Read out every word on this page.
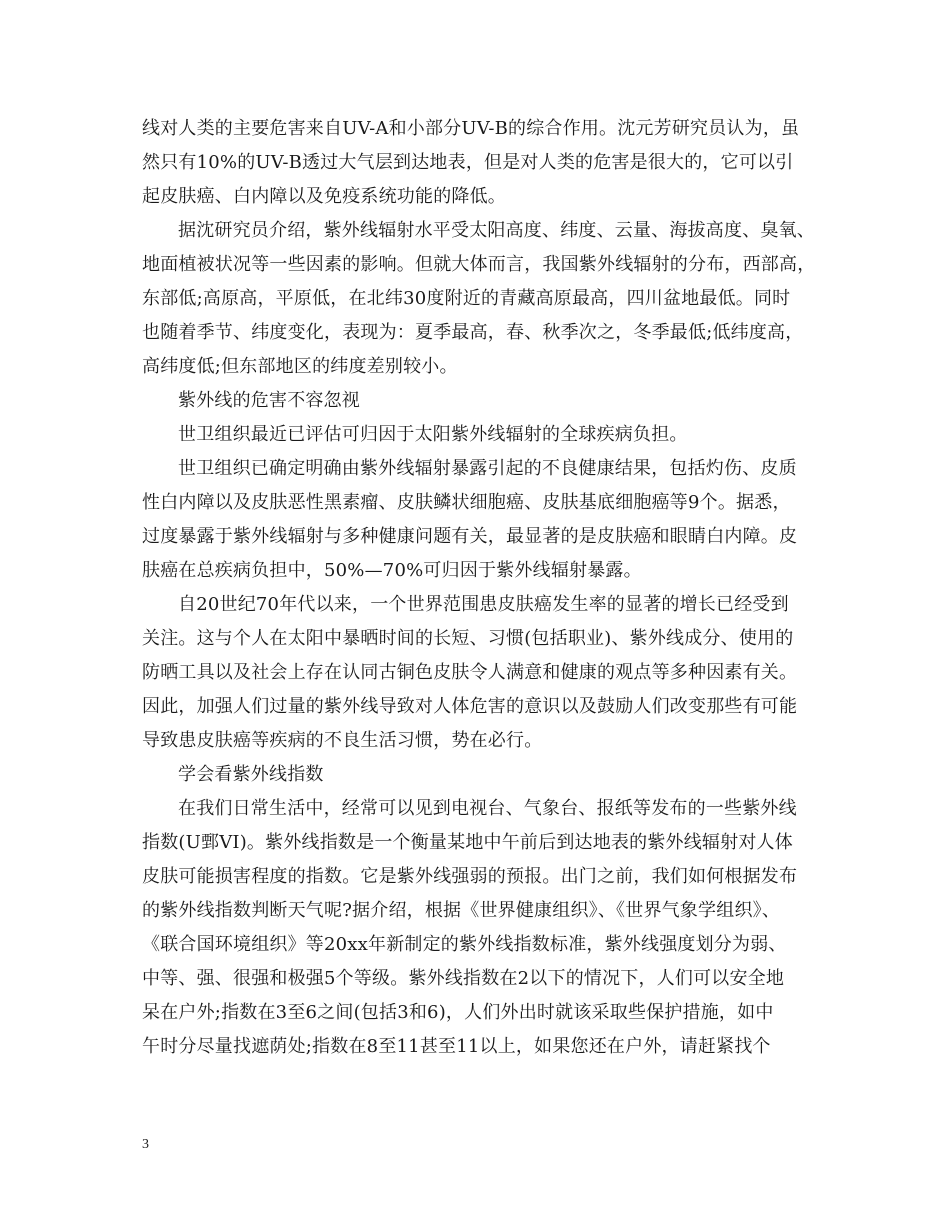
线对人类的主要危害来自UV-A和小部分UV-B的综合作用。沈元芳研究员认为，虽
然只有10%的UV-B透过大气层到达地表，但是对人类的危害是很大的，它可以引
起皮肤癌、白内障以及免疫系统功能的降低。
据沈研究员介绍，紫外线辐射水平受太阳高度、纬度、云量、海拔高度、臭氧、
地面植被状况等一些因素的影响。但就大体而言，我国紫外线辐射的分布，西部高，
东部低;高原高，平原低，在北纬30度附近的青藏高原最高，四川盆地最低。同时
也随着季节、纬度变化，表现为：夏季最高，春、秋季次之，冬季最低;低纬度高，
高纬度低;但东部地区的纬度差别较小。
紫外线的危害不容忽视
世卫组织最近已评估可归因于太阳紫外线辐射的全球疾病负担。
世卫组织已确定明确由紫外线辐射暴露引起的不良健康结果，包括灼伤、皮质
性白内障以及皮肤恶性黑素瘤、皮肤鳞状细胞癌、皮肤基底细胞癌等9个。据悉，
过度暴露于紫外线辐射与多种健康问题有关，最显著的是皮肤癌和眼睛白内障。皮
肤癌在总疾病负担中，50%—70%可归因于紫外线辐射暴露。
自20世纪70年代以来，一个世界范围患皮肤癌发生率的显著的增长已经受到
关注。这与个人在太阳中暴晒时间的长短、习惯(包括职业)、紫外线成分、使用的
防晒工具以及社会上存在认同古铜色皮肤令人满意和健康的观点等多种因素有关。
因此，加强人们过量的紫外线导致对人体危害的意识以及鼓励人们改变那些有可能
导致患皮肤癌等疾病的不良生活习惯，势在必行。
学会看紫外线指数
在我们日常生活中，经常可以见到电视台、气象台、报纸等发布的一些紫外线
指数(U鄄VI)。紫外线指数是一个衡量某地中午前后到达地表的紫外线辐射对人体
皮肤可能损害程度的指数。它是紫外线强弱的预报。出门之前，我们如何根据发布
的紫外线指数判断天气呢?据介绍，根据《世界健康组织》、《世界气象学组织》、
《联合国环境组织》等20xx年新制定的紫外线指数标准，紫外线强度划分为弱、
中等、强、很强和极强5个等级。紫外线指数在2以下的情况下，人们可以安全地
呆在户外;指数在3至6之间(包括3和6)，人们外出时就该采取些保护措施，如中
午时分尽量找遮荫处;指数在8至11甚至11以上，如果您还在户外，请赶紧找个
3
